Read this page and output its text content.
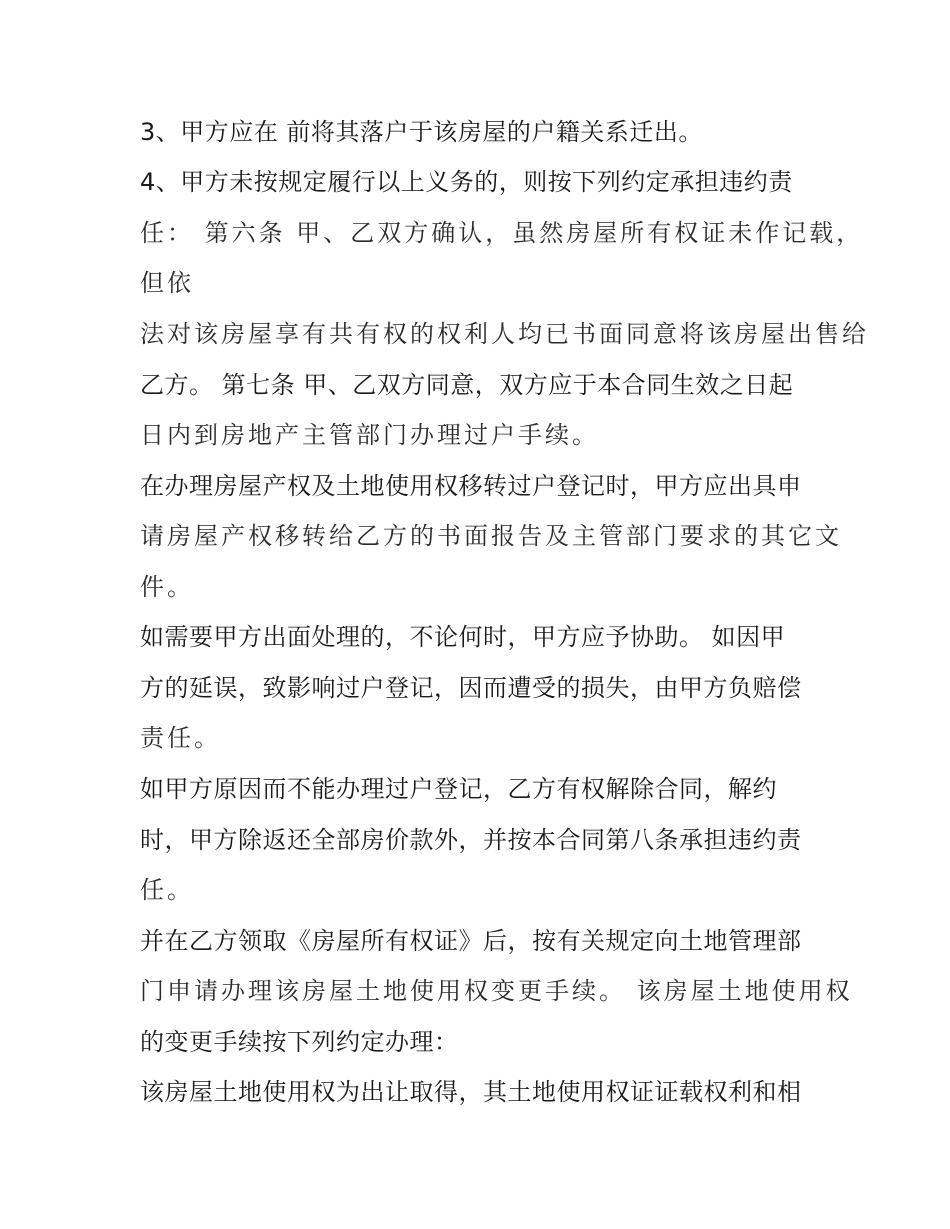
3、甲方应在 前将其落户于该房屋的户籍关系迁出。
4、甲方未按规定履行以上义务的，则按下列约定承担违约责
任： 第六条 甲、乙双方确认，虽然房屋所有权证未作记载，
但依
法对该房屋享有共有权的权利人均已书面同意将该房屋出售给
乙方。 第七条 甲、乙双方同意，双方应于本合同生效之日起
日内到房地产主管部门办理过户手续。
在办理房屋产权及土地使用权移转过户登记时，甲方应出具申
请房屋产权移转给乙方的书面报告及主管部门要求的其它文
件。
如需要甲方出面处理的，不论何时，甲方应予协助。 如因甲
方的延误，致影响过户登记，因而遭受的损失，由甲方负赔偿
责任。
如甲方原因而不能办理过户登记，乙方有权解除合同，解约
时，甲方除返还全部房价款外，并按本合同第八条承担违约责
任。
并在乙方领取《房屋所有权证》后，按有关规定向土地管理部
门申请办理该房屋土地使用权变更手续。 该房屋土地使用权
的变更手续按下列约定办理：
该房屋土地使用权为出让取得，其土地使用权证证载权利和相
